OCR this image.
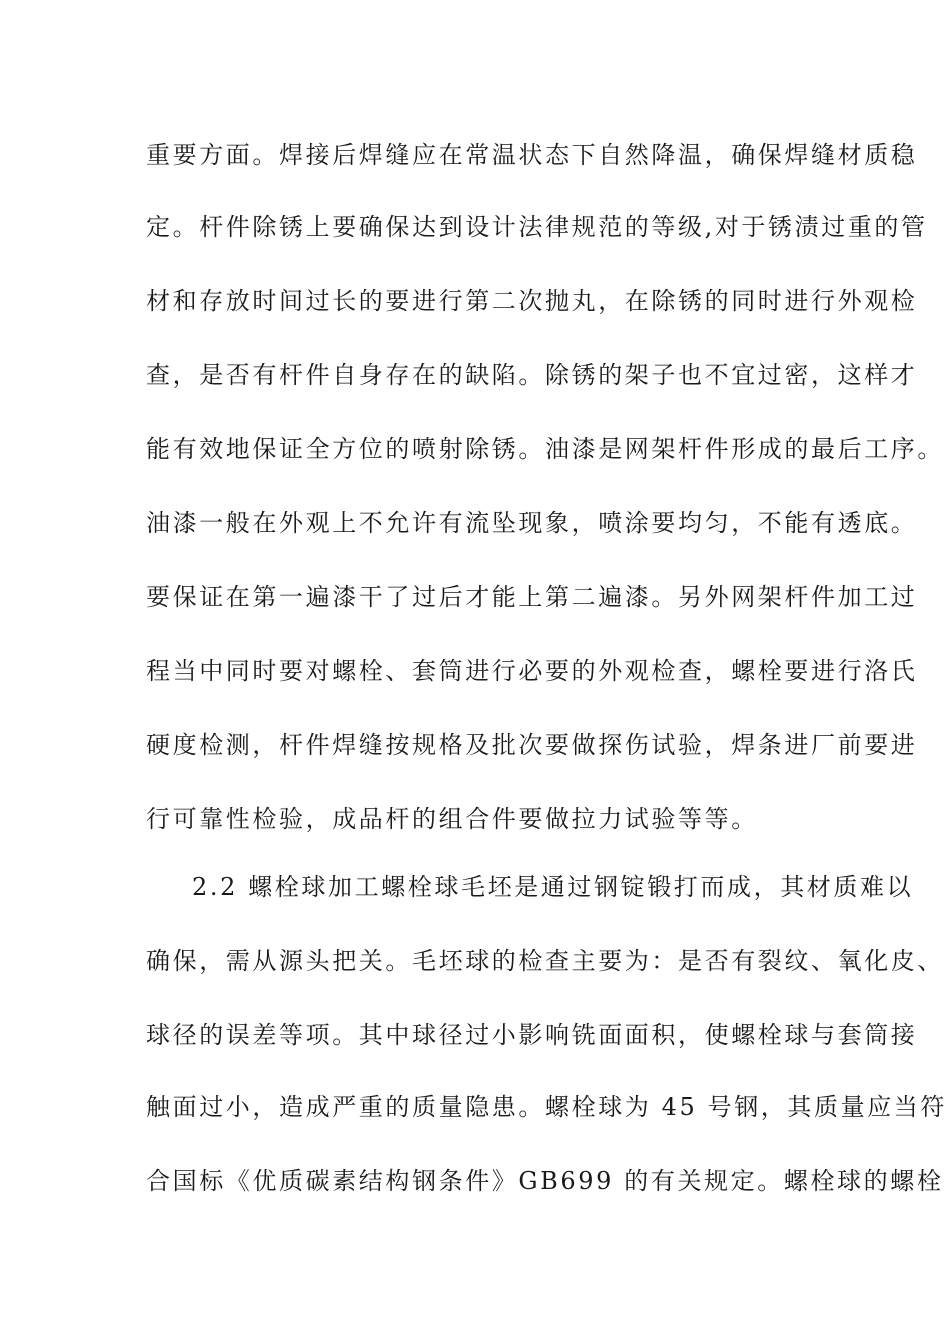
重要方面。焊接后焊缝应在常温状态下自然降温，确保焊缝材质稳
定。杆件除锈上要确保达到设计法律规范的等级,对于锈渍过重的管
材和存放时间过长的要进行第二次抛丸，在除锈的同时进行外观检
查，是否有杆件自身存在的缺陷。除锈的架子也不宜过密，这样才
能有效地保证全方位的喷射除锈。油漆是网架杆件形成的最后工序。
油漆一般在外观上不允许有流坠现象，喷涂要均匀，不能有透底。
要保证在第一遍漆干了过后才能上第二遍漆。另外网架杆件加工过
程当中同时要对螺栓、套筒进行必要的外观检查，螺栓要进行洛氏
硬度检测，杆件焊缝按规格及批次要做探伤试验，焊条进厂前要进
行可靠性检验，成品杆的组合件要做拉力试验等等。
2.2 螺栓球加工螺栓球毛坯是通过钢锭锻打而成，其材质难以
确保，需从源头把关。毛坯球的检查主要为：是否有裂纹、氧化皮、
球径的误差等项。其中球径过小影响铣面面积，使螺栓球与套筒接
触面过小，造成严重的质量隐患。螺栓球为 45 号钢，其质量应当符
合国标《优质碳素结构钢条件》GB699 的有关规定。螺栓球的螺栓
